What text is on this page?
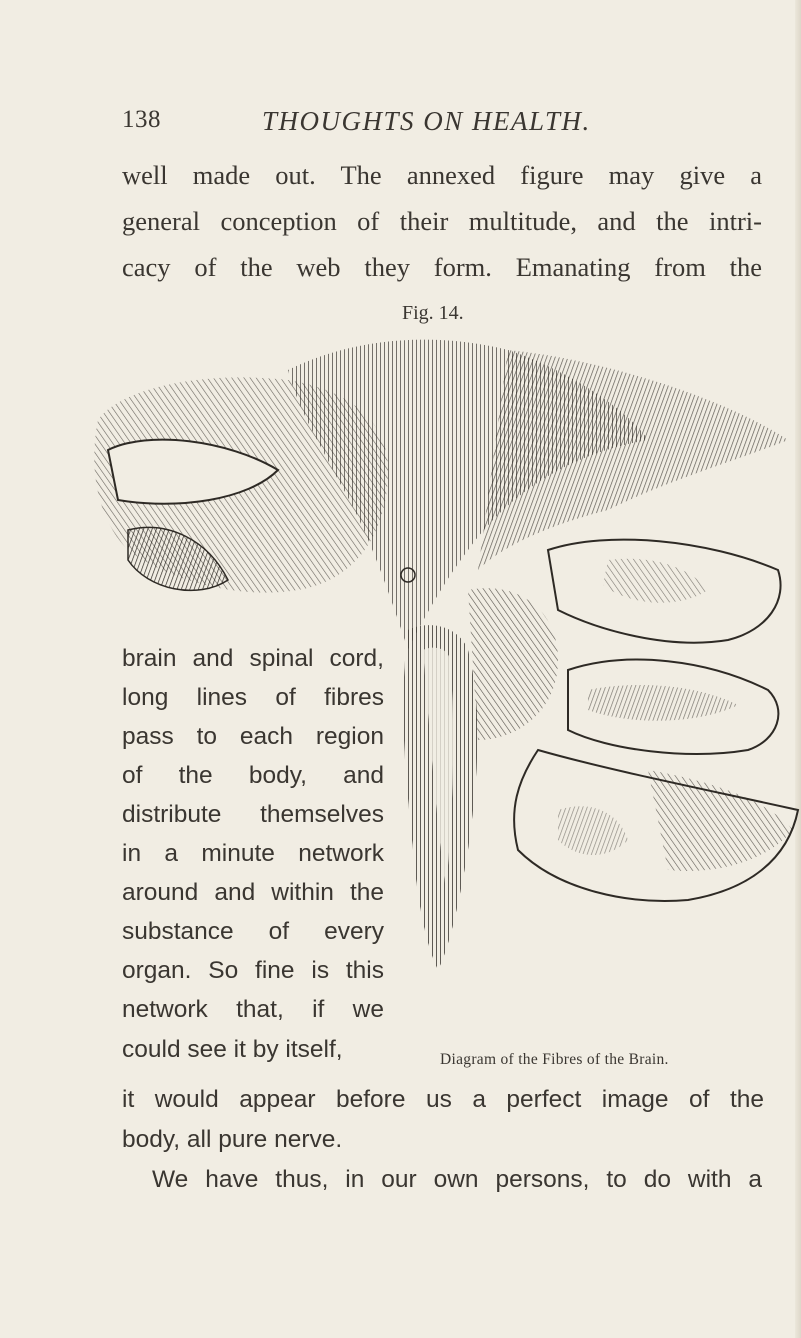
138	THOUGHTS ON HEALTH.
well made out. The annexed figure may give a
general conception of their multitude, and the intri-
cacy of the web they form. Emanating from the
Fig. 14.
brain and spinal cord,
long lines of fibres
pass to each region
of the body, and
distribute themselves
in a minute network
around and within the
substance of every
organ. So fine is this
network that, if we
could see it by itself,	Diagram of the Fibres of the Brain.
it would appear before us a perfect image of the
body, all pure nerve.
We have thus, in our own persons, to do with a
